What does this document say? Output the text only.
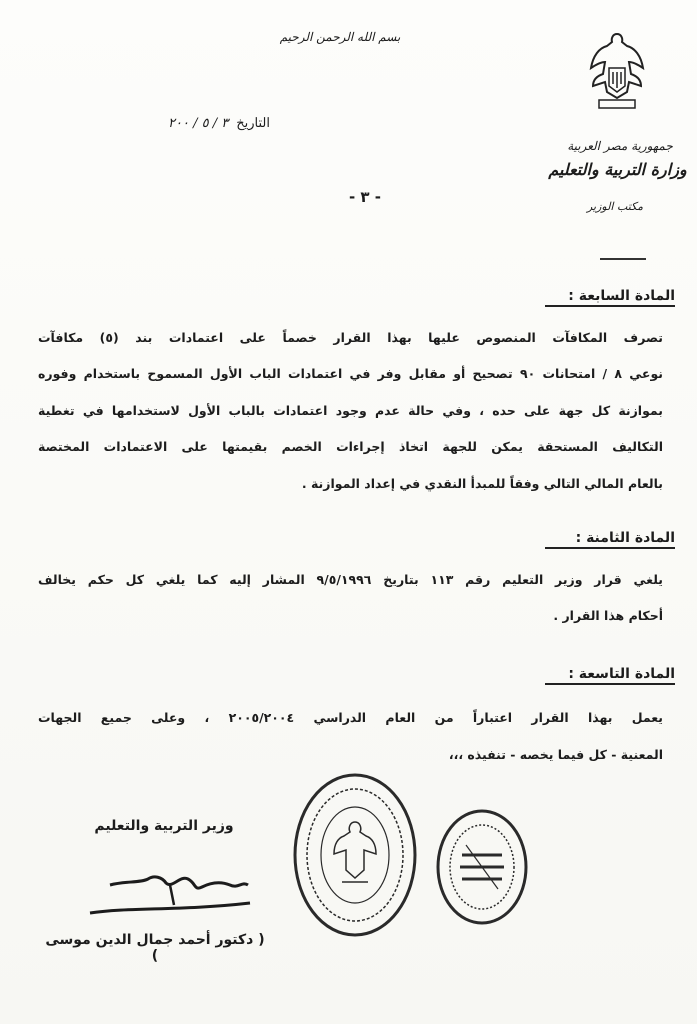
بسم الله الرحمن الرحيم
جمهورية مصر العربية
وزارة التربية والتعليم
مكتب الوزير
التاريخ
٣ / ٥ / ٢٠٠
- ٣ -
المادة السابعة :
تصرف المكافآت المنصوص عليها بهذا القرار خصماً على اعتمادات بند (٥) مكافآت
نوعي ٨ / امتحانات ٩٠ تصحيح أو مقابل وفر في اعتمادات الباب الأول المسموح باستخدام وفوره
بموازنة كل جهة على حده ، وفي حالة عدم وجود اعتمادات بالباب الأول لاستخدامها في تغطية
التكاليف المستحقة يمكن للجهة اتخاذ إجراءات الخصم بقيمتها على الاعتمادات المختصة
بالعام المالي التالي وفقاً للمبدأ النقدي في إعداد الموازنة .
المادة الثامنة :
يلغي قرار وزير التعليم رقم ١١٣ بتاريخ ٩/٥/١٩٩٦ المشار إليه كما يلغي كل حكم يخالف
أحكام هذا القرار .
المادة التاسعة :
يعمل بهذا القرار اعتباراً من العام الدراسي ٢٠٠٥/٢٠٠٤ ، وعلى جميع الجهات
المعنية - كل فيما يخصه - تنفيذه ،،،
وزير التربية والتعليم
( دكتور أحمد جمال الدين موسى )
